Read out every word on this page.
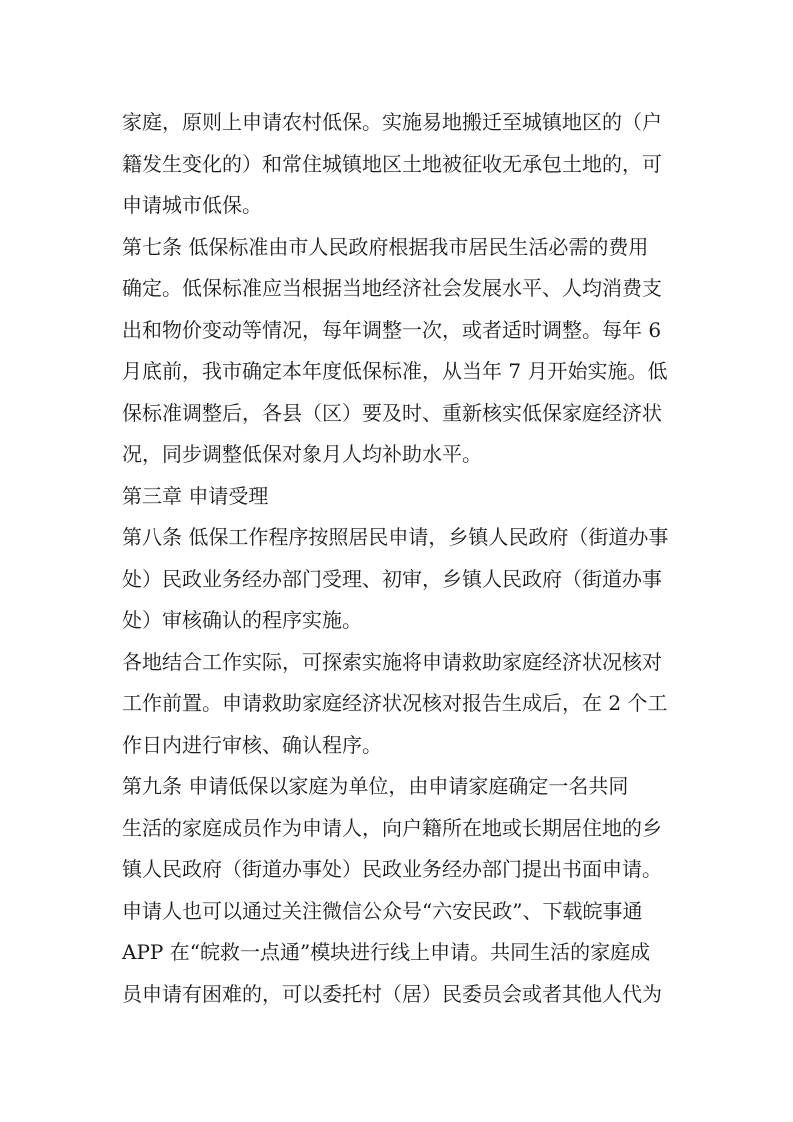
家庭，原则上申请农村低保。实施易地搬迁至城镇地区的（户
籍发生变化的）和常住城镇地区土地被征收无承包土地的，可
申请城市低保。
第七条 低保标准由市人民政府根据我市居民生活必需的费用
确定。低保标准应当根据当地经济社会发展水平、人均消费支
出和物价变动等情况，每年调整一次，或者适时调整。每年 6
月底前，我市确定本年度低保标准，从当年 7 月开始实施。低
保标准调整后，各县（区）要及时、重新核实低保家庭经济状
况，同步调整低保对象月人均补助水平。
第三章 申请受理
第八条 低保工作程序按照居民申请，乡镇人民政府（街道办事
处）民政业务经办部门受理、初审，乡镇人民政府（街道办事
处）审核确认的程序实施。
各地结合工作实际，可探索实施将申请救助家庭经济状况核对
工作前置。申请救助家庭经济状况核对报告生成后，在 2 个工
作日内进行审核、确认程序。
第九条 申请低保以家庭为单位，由申请家庭确定一名共同
生活的家庭成员作为申请人，向户籍所在地或长期居住地的乡
镇人民政府（街道办事处）民政业务经办部门提出书面申请。
申请人也可以通过关注微信公众号“六安民政”、下载皖事通
APP 在“皖救一点通”模块进行线上申请。共同生活的家庭成
员申请有困难的，可以委托村（居）民委员会或者其他人代为
